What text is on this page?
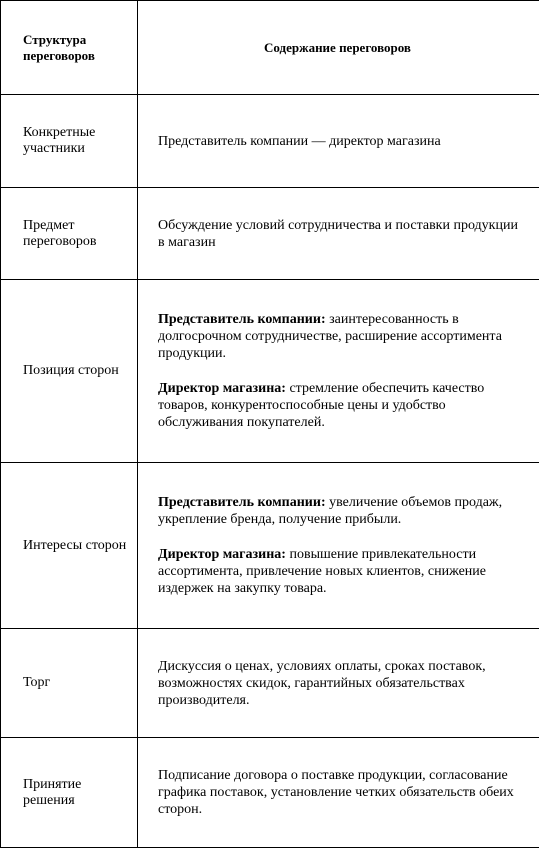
Структура переговоров	Содержание переговоров

Конкретные участники	Представитель компании — директор магазина

Предмет переговоров	Обсуждение условий сотрудничества и поставки продукции в магазин

Позиция сторон	Представитель компании: заинтересованность в долгосрочном сотрудничестве, расширение ассортимента продукции.
Директор магазина: стремление обеспечить качество товаров, конкурентоспособные цены и удобство обслуживания покупателей.

Интересы сторон	Представитель компании: увеличение объемов продаж, укрепление бренда, получение прибыли.
Директор магазина: повышение привлекательности ассортимента, привлечение новых клиентов, снижение издержек на закупку товара.

Торг	Дискуссия о ценах, условиях оплаты, сроках поставок, возможностях скидок, гарантийных обязательствах производителя.

Принятие решения	Подписание договора о поставке продукции, согласование графика поставок, установление четких обязательств обеих сторон.
